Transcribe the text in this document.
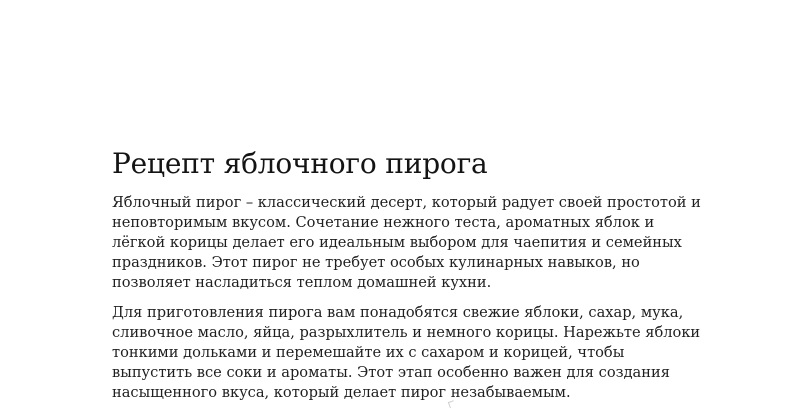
Рецепт яблочного пирога

Яблочный пирог – классический десерт, который радует своей простотой и неповторимым вкусом. Сочетание нежного теста, ароматных яблок и лёгкой корицы делает его идеальным выбором для чаепития и семейных праздников. Этот пирог не требует особых кулинарных навыков, но позволяет насладиться теплом домашней кухни.

Для приготовления пирога вам понадобятся свежие яблоки, сахар, мука, сливочное масло, яйца, разрыхлитель и немного корицы. Нарежьте яблоки тонкими дольками и перемешайте их с сахаром и корицей, чтобы выпустить все соки и ароматы. Этот этап особенно важен для создания насыщенного вкуса, который делает пирог незабываемым.
